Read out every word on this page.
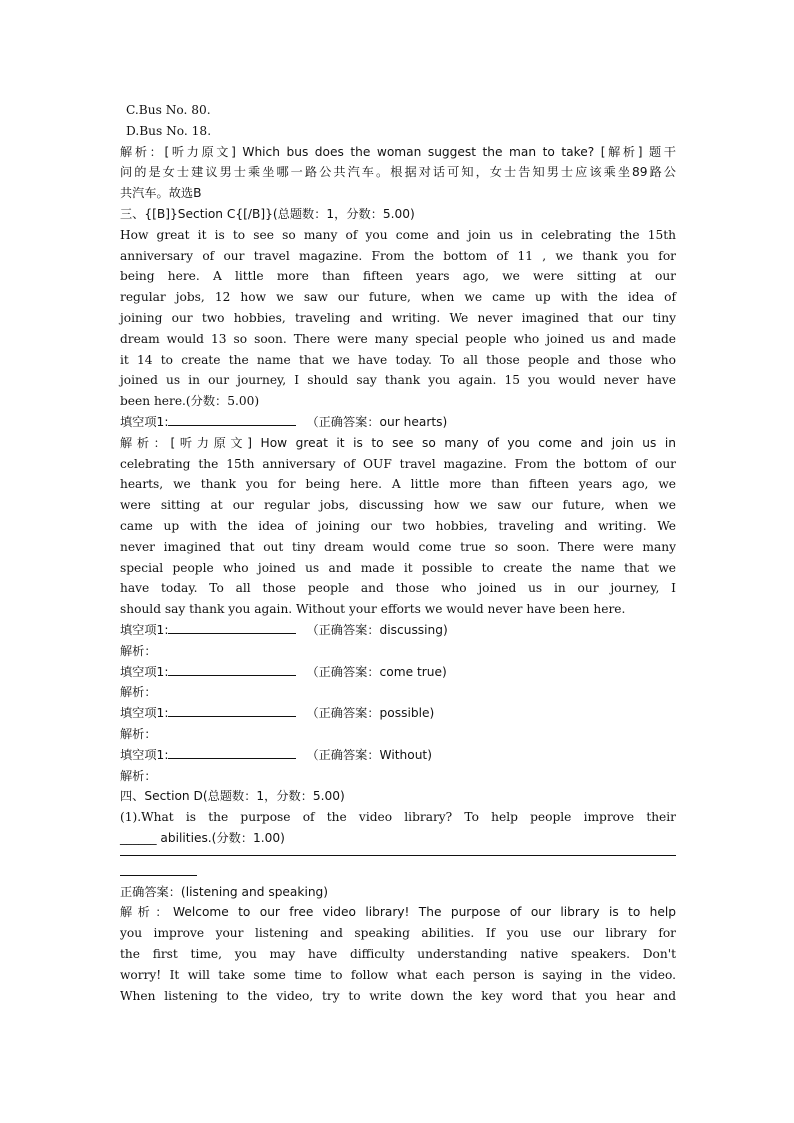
C.Bus No. 80.
D.Bus No. 18.
解析：[听力原文] Which bus does the woman suggest the man to take? [解析] 题干
问的是女士建议男士乘坐哪一路公共汽车。根据对话可知，女士告知男士应该乘坐89路公
共汽车。故选B
三、{[B]}Section C{[/B]}(总题数：1，分数：5.00)
How great it is to see so many of you come and join us in celebrating the 15th
anniversary of our travel magazine. From the bottom of 11 , we thank you for
being here. A little more than fifteen years ago, we were sitting at our
regular jobs, 12 how we saw our future, when we came up with the idea of
joining our two hobbies, traveling and writing. We never imagined that our tiny
dream would 13 so soon. There were many special people who joined us and made
it 14 to create the name that we have today. To all those people and those who
joined us in our journey, I should say thank you again. 15 you would never have
been here.(分数：5.00)
填空项1:	（正确答案：our hearts)
解析：[听力原文] How great it is to see so many of you come and join us in
celebrating the 15th anniversary of OUF travel magazine. From the bottom of our
hearts, we thank you for being here. A little more than fifteen years ago, we
were sitting at our regular jobs, discussing how we saw our future, when we
came up with the idea of joining our two hobbies, traveling and writing. We
never imagined that out tiny dream would come true so soon. There were many
special people who joined us and made it possible to create the name that we
have today. To all those people and those who joined us in our journey, I
should say thank you again. Without your efforts we would never have been here.
填空项1:	（正确答案：discussing)
解析：
填空项1:	（正确答案：come true)
解析：
填空项1:	（正确答案：possible)
解析：
填空项1:	（正确答案：Without)
解析：
四、Section D(总题数：1，分数：5.00)
(1).What is the purpose of the video library? To help people improve their
______ abilities.(分数：1.00)
正确答案：(listening and speaking)
解析：Welcome to our free video library! The purpose of our library is to help
you improve your listening and speaking abilities. If you use our library for
the first time, you may have difficulty understanding native speakers. Don't
worry! It will take some time to follow what each person is saying in the video.
When listening to the video, try to write down the key word that you hear and
